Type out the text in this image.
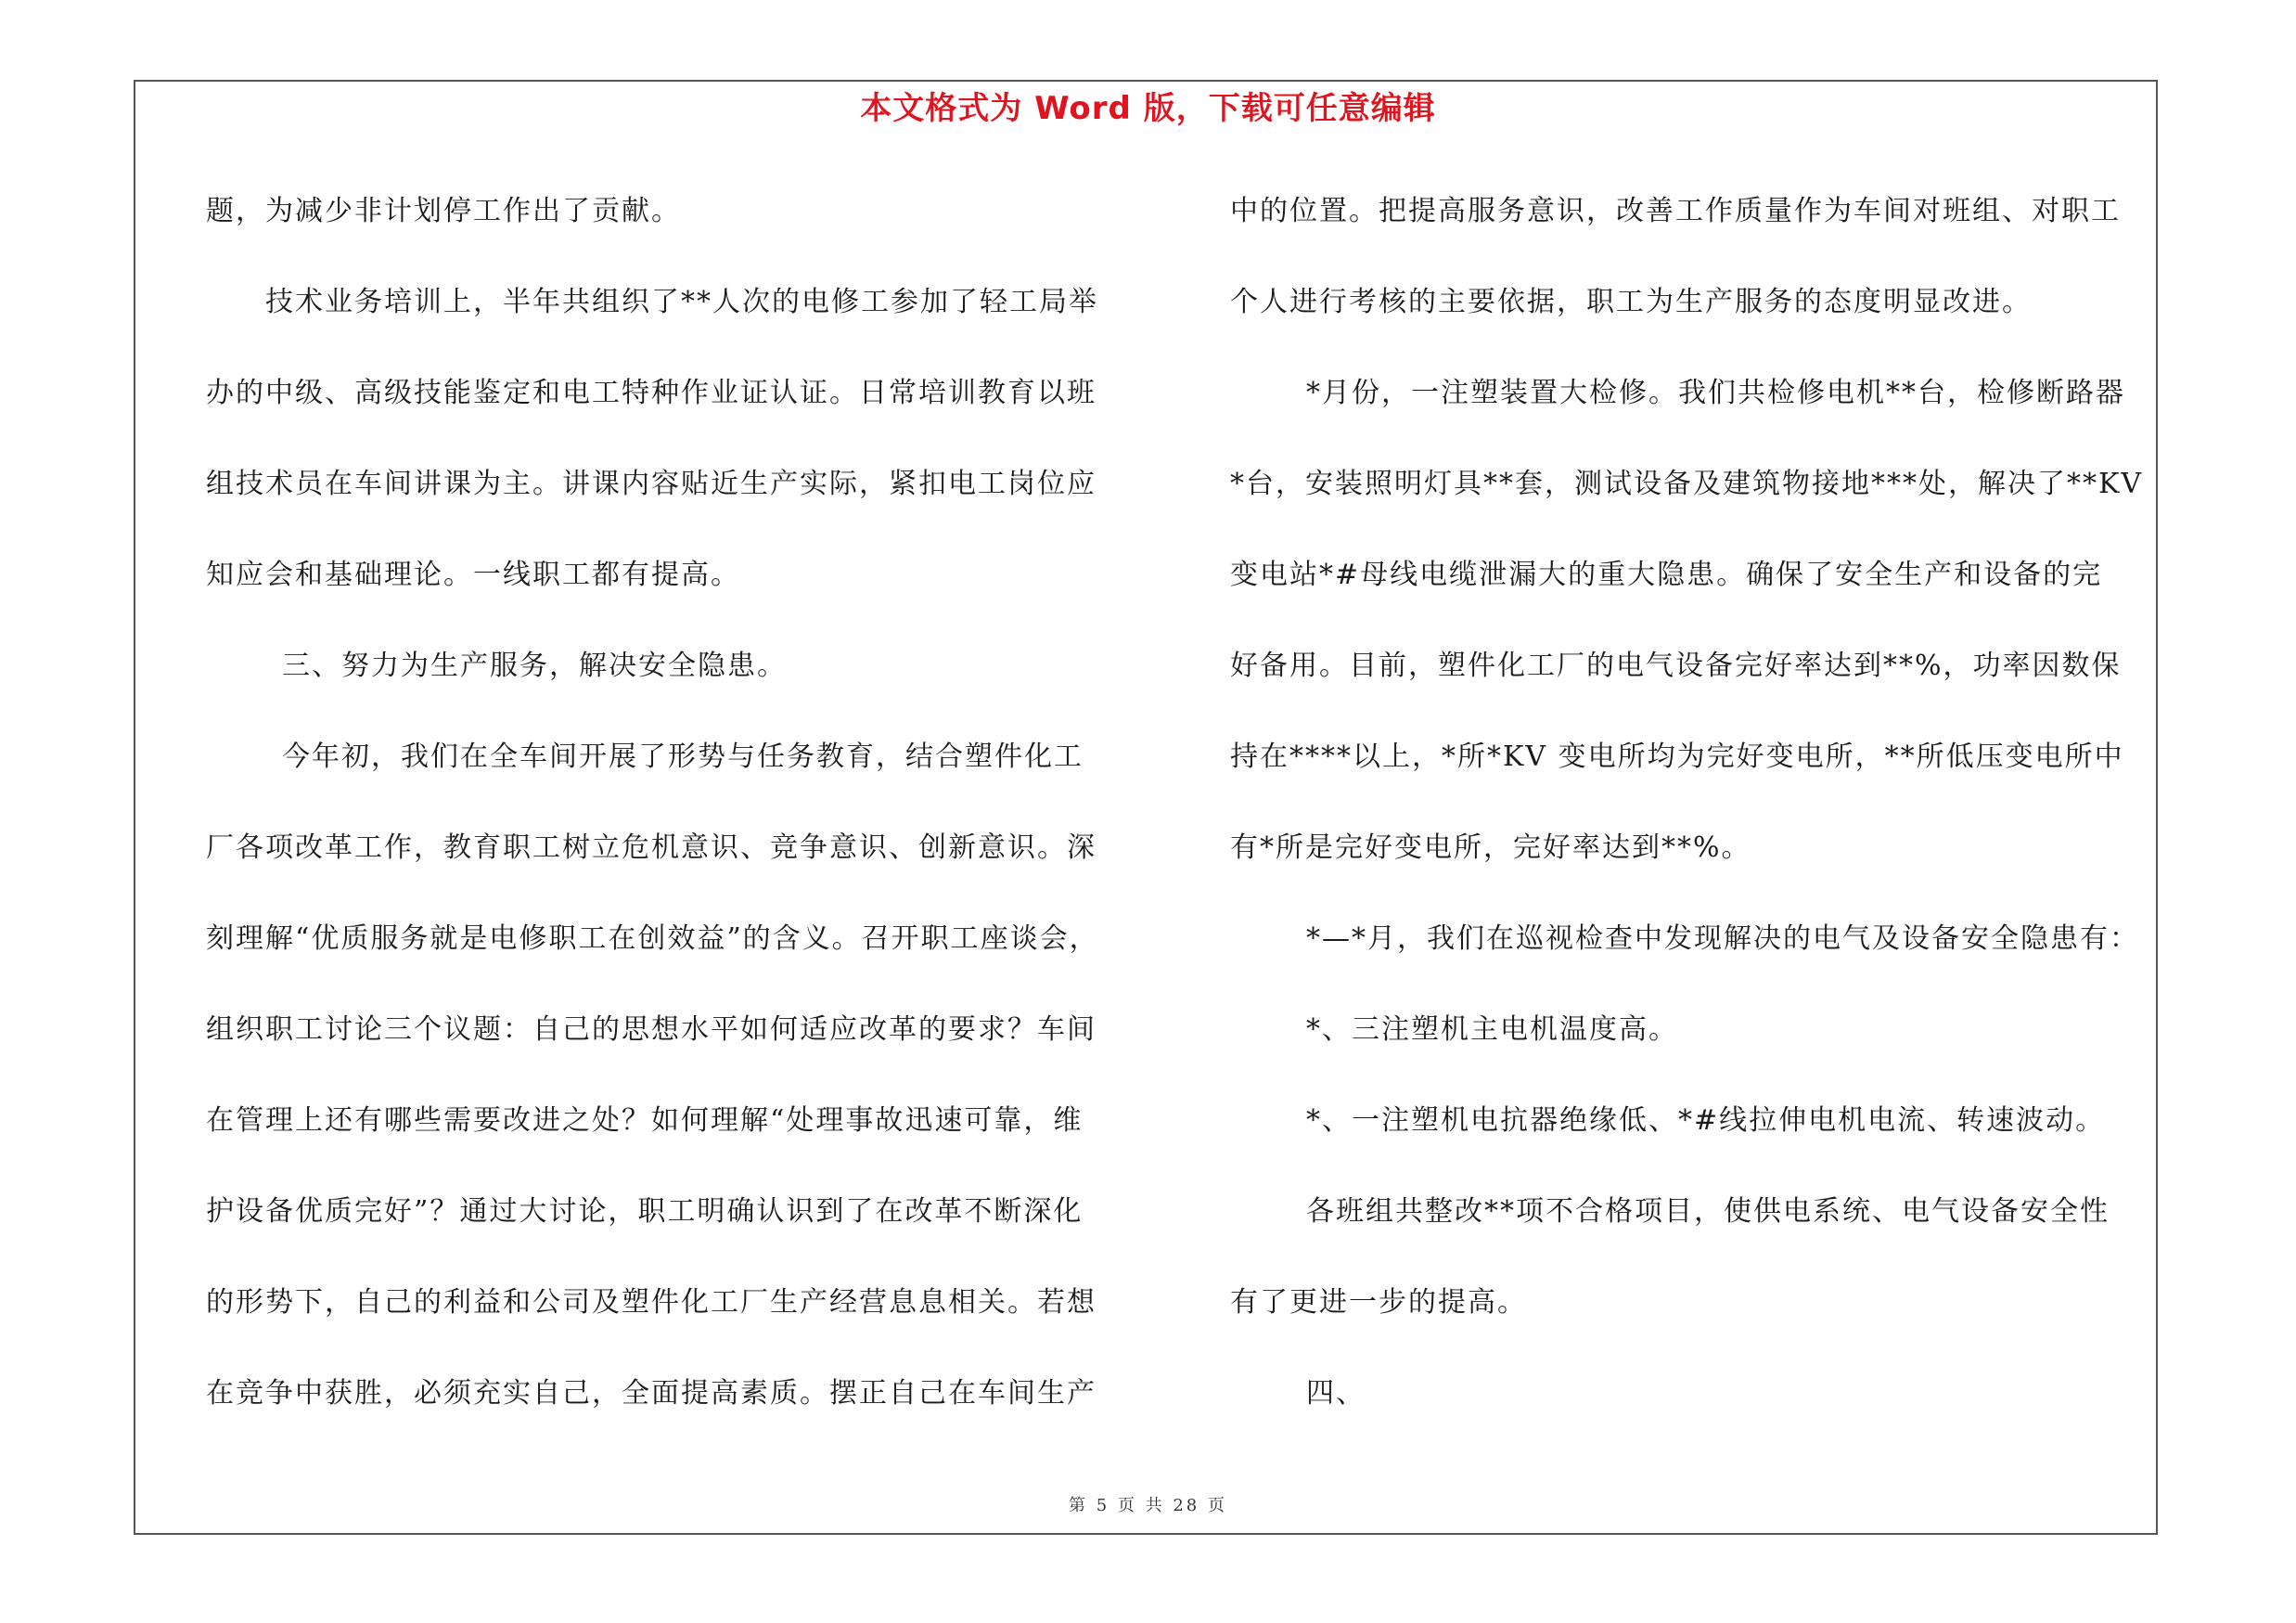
本文格式为 Word 版，下载可任意编辑
题，为减少非计划停工作出了贡献。
技术业务培训上，半年共组织了**人次的电修工参加了轻工局举
办的中级、高级技能鉴定和电工特种作业证认证。日常培训教育以班
组技术员在车间讲课为主。讲课内容贴近生产实际，紧扣电工岗位应
知应会和基础理论。一线职工都有提高。
三、努力为生产服务，解决安全隐患。
今年初，我们在全车间开展了形势与任务教育，结合塑件化工
厂各项改革工作，教育职工树立危机意识、竞争意识、创新意识。深
刻理解“优质服务就是电修职工在创效益”的含义。召开职工座谈会，
组织职工讨论三个议题：自己的思想水平如何适应改革的要求？车间
在管理上还有哪些需要改进之处？如何理解“处理事故迅速可靠，维
护设备优质完好”？通过大讨论，职工明确认识到了在改革不断深化
的形势下，自己的利益和公司及塑件化工厂生产经营息息相关。若想
在竞争中获胜，必须充实自己，全面提高素质。摆正自己在车间生产
中的位置。把提高服务意识，改善工作质量作为车间对班组、对职工
个人进行考核的主要依据，职工为生产服务的态度明显改进。
*月份，一注塑装置大检修。我们共检修电机**台，检修断路器
*台，安装照明灯具**套，测试设备及建筑物接地***处，解决了**KV
变电站*#母线电缆泄漏大的重大隐患。确保了安全生产和设备的完
好备用。目前，塑件化工厂的电气设备完好率达到**%，功率因数保
持在****以上，*所*KV 变电所均为完好变电所，**所低压变电所中
有*所是完好变电所，完好率达到**%。
*—*月，我们在巡视检查中发现解决的电气及设备安全隐患有：
*、三注塑机主电机温度高。
*、一注塑机电抗器绝缘低、*#线拉伸电机电流、转速波动。
各班组共整改**项不合格项目，使供电系统、电气设备安全性
有了更进一步的提高。
四、
第 5 页 共 28 页
